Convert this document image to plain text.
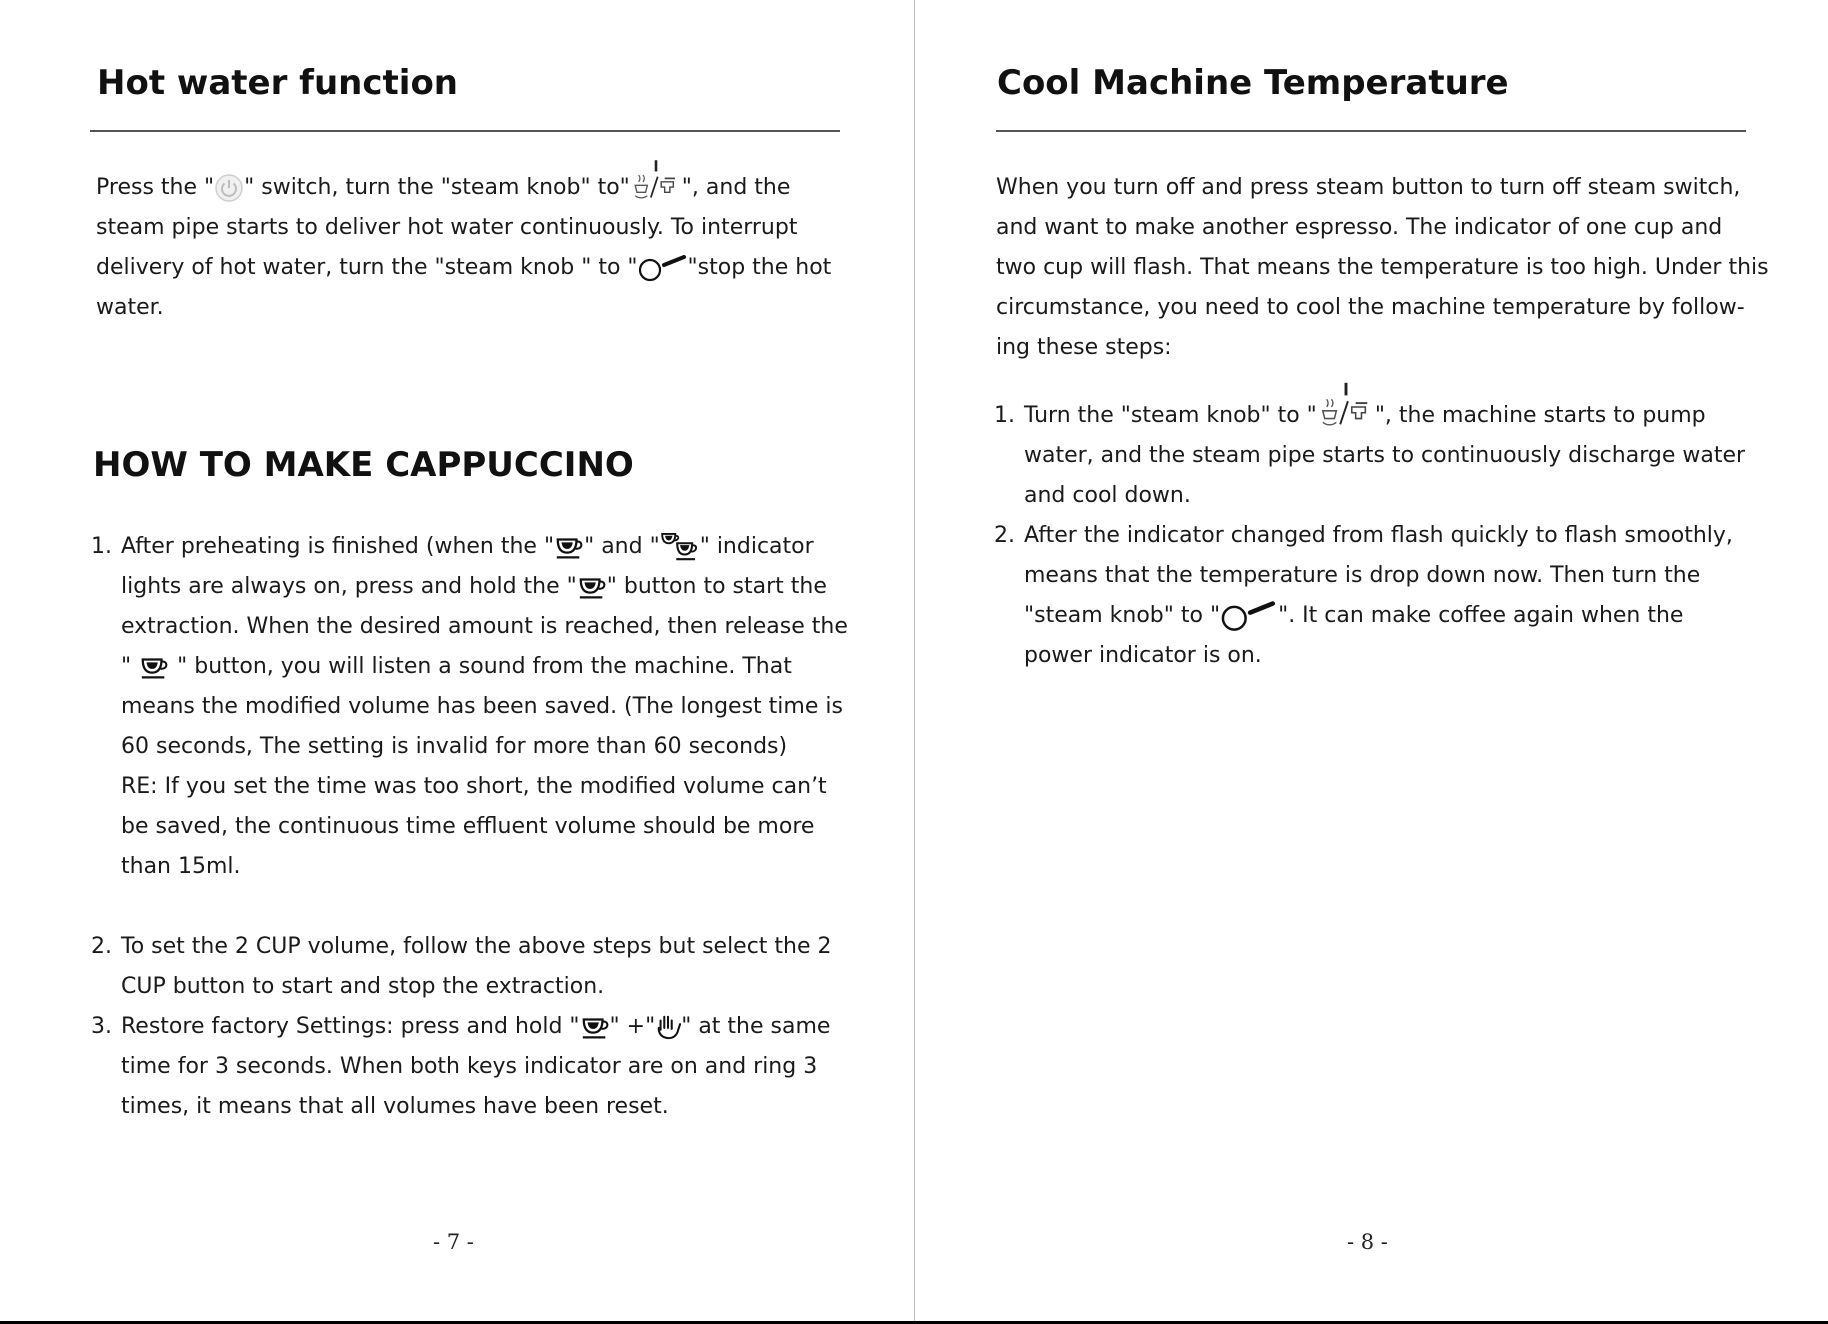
Hot water function
Press the " " switch, turn the "steam knob" to" ", and the
steam pipe starts to deliver hot water continuously. To interrupt
delivery of hot water, turn the "steam knob " to " "stop the hot
water.
HOW TO MAKE CAPPUCCINO
1. After preheating is finished (when the " " and " " indicator
lights are always on, press and hold the " " button to start the
extraction. When the desired amount is reached, then release the
" " button, you will listen a sound from the machine. That
means the modified volume has been saved. (The longest time is
60 seconds, The setting is invalid for more than 60 seconds)
RE: If you set the time was too short, the modified volume can’t
be saved, the continuous time effluent volume should be more
than 15ml.
2. To set the 2 CUP volume, follow the above steps but select the 2
CUP button to start and stop the extraction.
3. Restore factory Settings: press and hold " " +" " at the same
time for 3 seconds. When both keys indicator are on and ring 3
times, it means that all volumes have been reset.
- 7 -
Cool Machine Temperature
When you turn off and press steam button to turn off steam switch,
and want to make another espresso. The indicator of one cup and
two cup will flash. That means the temperature is too high. Under this
circumstance, you need to cool the machine temperature by follow-
ing these steps:
1. Turn the "steam knob" to "	", the machine starts to pump
water, and the steam pipe starts to continuously discharge water
and cool down.
2. After the indicator changed from flash quickly to flash smoothly,
means that the temperature is drop down now. Then turn the
"steam knob" to "	". It can make coffee again when the
power indicator is on.
- 8 -
